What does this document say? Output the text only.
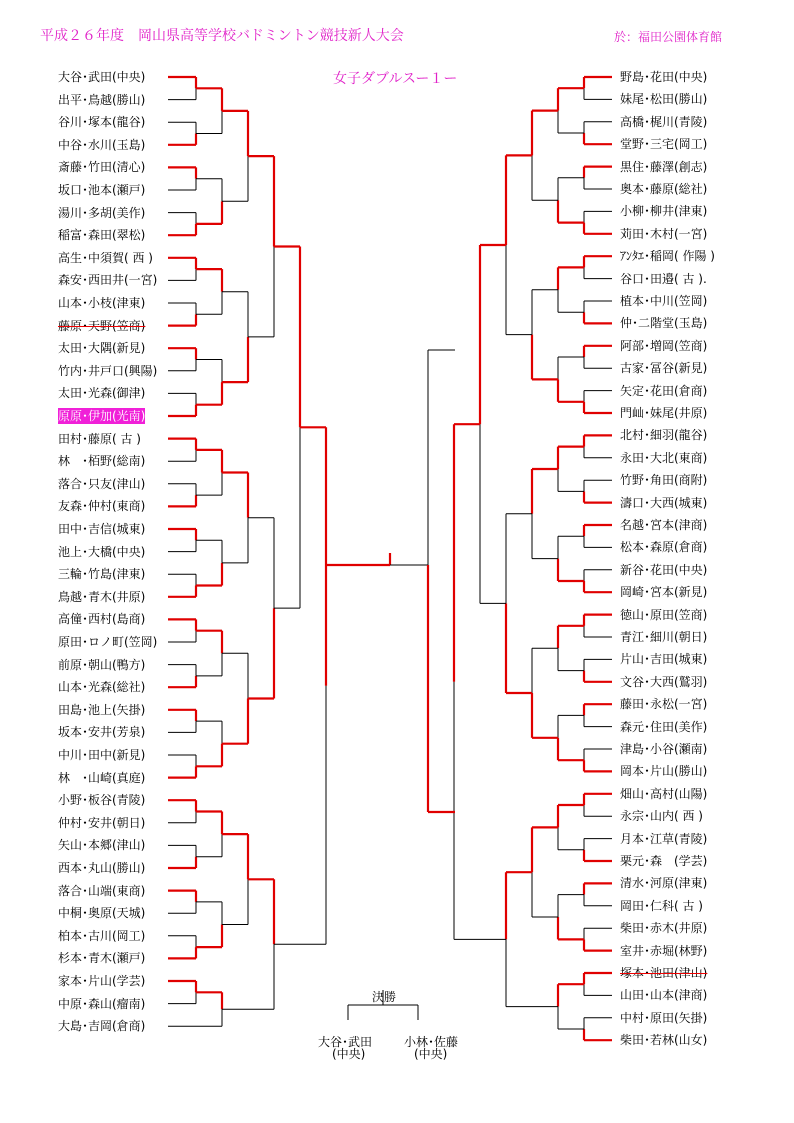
平成２６年度　岡山県高等学校バドミントン競技新人大会	於：福田公園体育館
女子ダブルスー１ー
大谷･武田(中央)
出平･鳥越(勝山)
谷川･塚本(龍谷)
中谷･水川(玉島)
斎藤･竹田(清心)
坂口･池本(瀬戸)
湯川･多胡(美作)
稲富･森田(翠松)
高生･中須賀( 西 )
森安･西田井(一宮)
山本･小枝(津東)
藤原･天野(笠商)
太田･大隅(新見)
竹内･井戸口(興陽)
太田･光森(御津)
原原･伊加(光南)
田村･藤原( 古 )
林　･栢野(総南)
落合･只友(津山)
友森･仲村(東商)
田中･吉信(城東)
池上･大橋(中央)
三輪･竹島(津東)
鳥越･青木(井原)
高僮･西村(島商)
原田･ロノ町(笠岡)
前原･朝山(鴨方)
山本･光森(総社)
田島･池上(矢掛)
坂本･安井(芳泉)
中川･田中(新見)
林　･山崎(真庭)
小野･板谷(青陵)
仲村･安井(朝日)
矢山･本郷(津山)
西本･丸山(勝山)
落合･山端(東商)
中桐･奥原(天城)
柏本･古川(岡工)
杉本･青木(瀬戸)
家本･片山(学芸)
中原･森山(瘤南)
大島･吉岡(倉商)
野島･花田(中央)
妹尾･松田(勝山)
高橋･梶川(青陵)
堂野･三宅(岡工)
黒住･藤澤(創志)
奥本･藤原(総社)
小柳･柳井(津東)
苅田･木村(一宮)
ｱﾝﾀｴ･稲岡( 作陽 )
谷口･田邉( 古 ).
植本･中川(笠岡)
仲･二階堂(玉島)
阿部･増岡(笠商)
古家･冨谷(新見)
矢定･花田(倉商)
門屾･妹尾(井原)
北村･細羽(龍谷)
永田･大北(東商)
竹野･角田(商附)
濤口･大西(城東)
名越･宮本(津商)
松本･森原(倉商)
新谷･花田(中央)
岡崎･宮本(新見)
徳山･原田(笠商)
青江･細川(朝日)
片山･吉田(城東)
文谷･大西(鷲羽)
藤田･永松(一宮)
森元･住田(美作)
津島･小谷(瀬南)
岡本･片山(勝山)
畑山･高村(山陽)
永宗･山内( 西 )
月本･江草(青陵)
栗元･森　(学芸)
清水･河原(津東)
岡田･仁科( 古 )
柴田･赤木(井原)
室井･赤堀(林野)
塚本･池田(津山)
山田･山本(津商)
中村･原田(矢掛)
柴田･若林(山女)
決勝
大谷･武田
(中央)
小林･佐藤
(中央)
